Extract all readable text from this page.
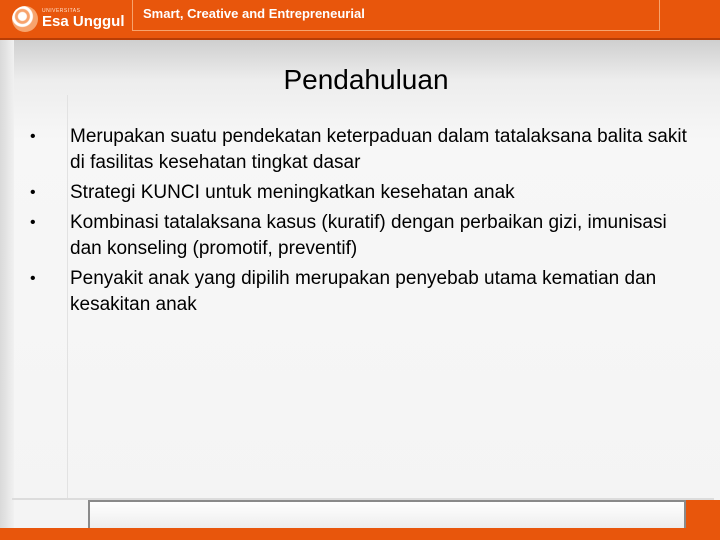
UNIVERSITAS
Esa Unggul Smart, Creative and Entrepreneurial
Pendahuluan
• Merupakan suatu pendekatan keterpaduan dalam tatalaksana balita sakit di fasilitas kesehatan tingkat dasar
• Strategi KUNCI untuk meningkatkan kesehatan anak
• Kombinasi tatalaksana kasus (kuratif) dengan perbaikan gizi, imunisasi dan konseling (promotif, preventif)
• Penyakit anak yang dipilih merupakan penyebab utama kematian dan kesakitan anak
